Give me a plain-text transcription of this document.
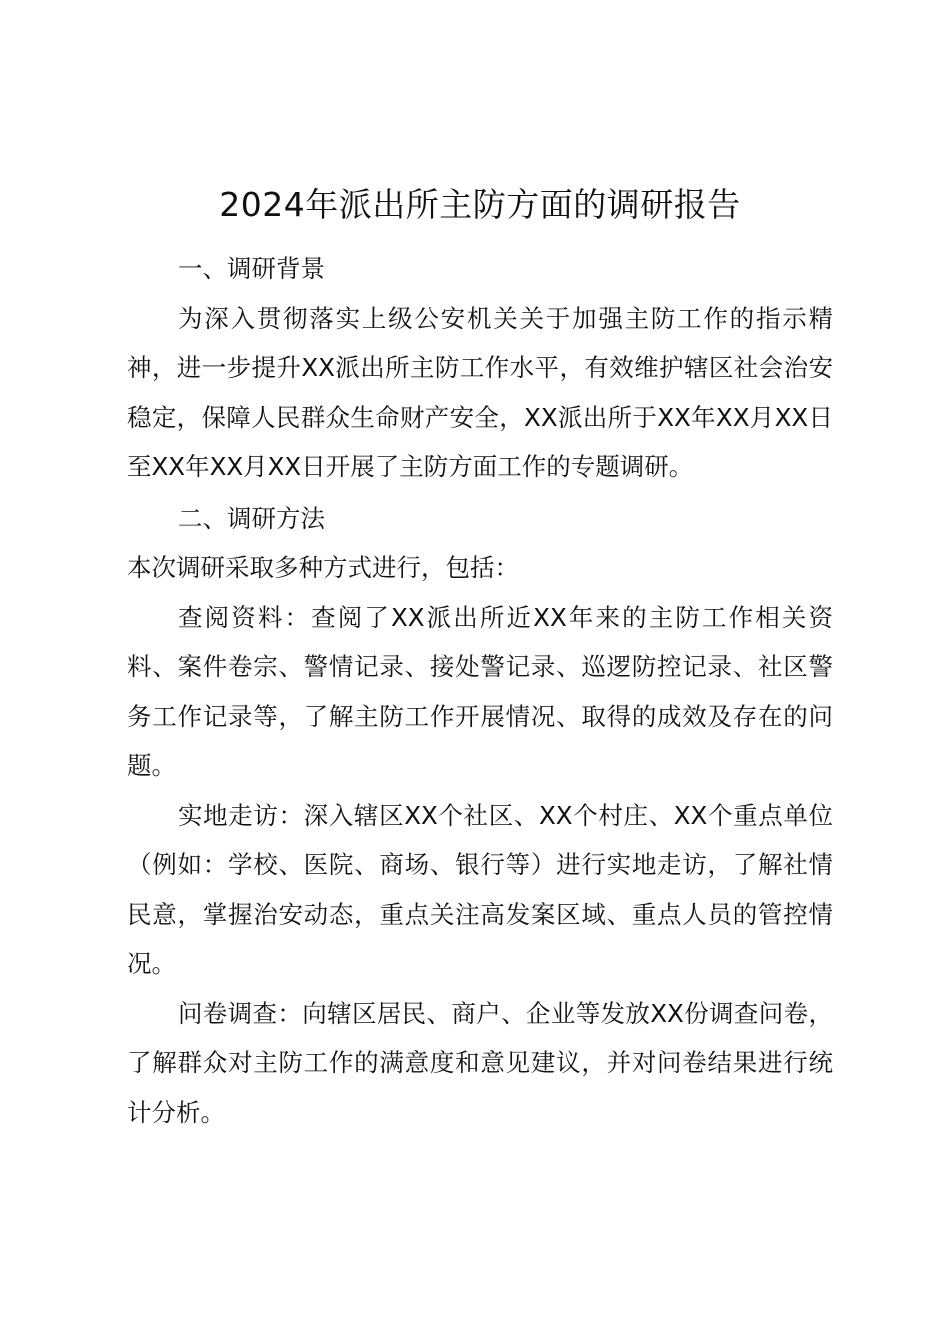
2024年派出所主防方面的调研报告

一、调研背景

为深入贯彻落实上级公安机关关于加强主防工作的指示精神，进一步提升XX派出所主防工作水平，有效维护辖区社会治安稳定，保障人民群众生命财产安全，XX派出所于XX年XX月XX日至XX年XX月XX日开展了主防方面工作的专题调研。

二、调研方法

本次调研采取多种方式进行，包括：

查阅资料：查阅了XX派出所近XX年来的主防工作相关资料、案件卷宗、警情记录、接处警记录、巡逻防控记录、社区警务工作记录等，了解主防工作开展情况、取得的成效及存在的问题。

实地走访：深入辖区XX个社区、XX个村庄、XX个重点单位（例如：学校、医院、商场、银行等）进行实地走访，了解社情民意，掌握治安动态，重点关注高发案区域、重点人员的管控情况。

问卷调查：向辖区居民、商户、企业等发放XX份调查问卷，了解群众对主防工作的满意度和意见建议，并对问卷结果进行统计分析。
